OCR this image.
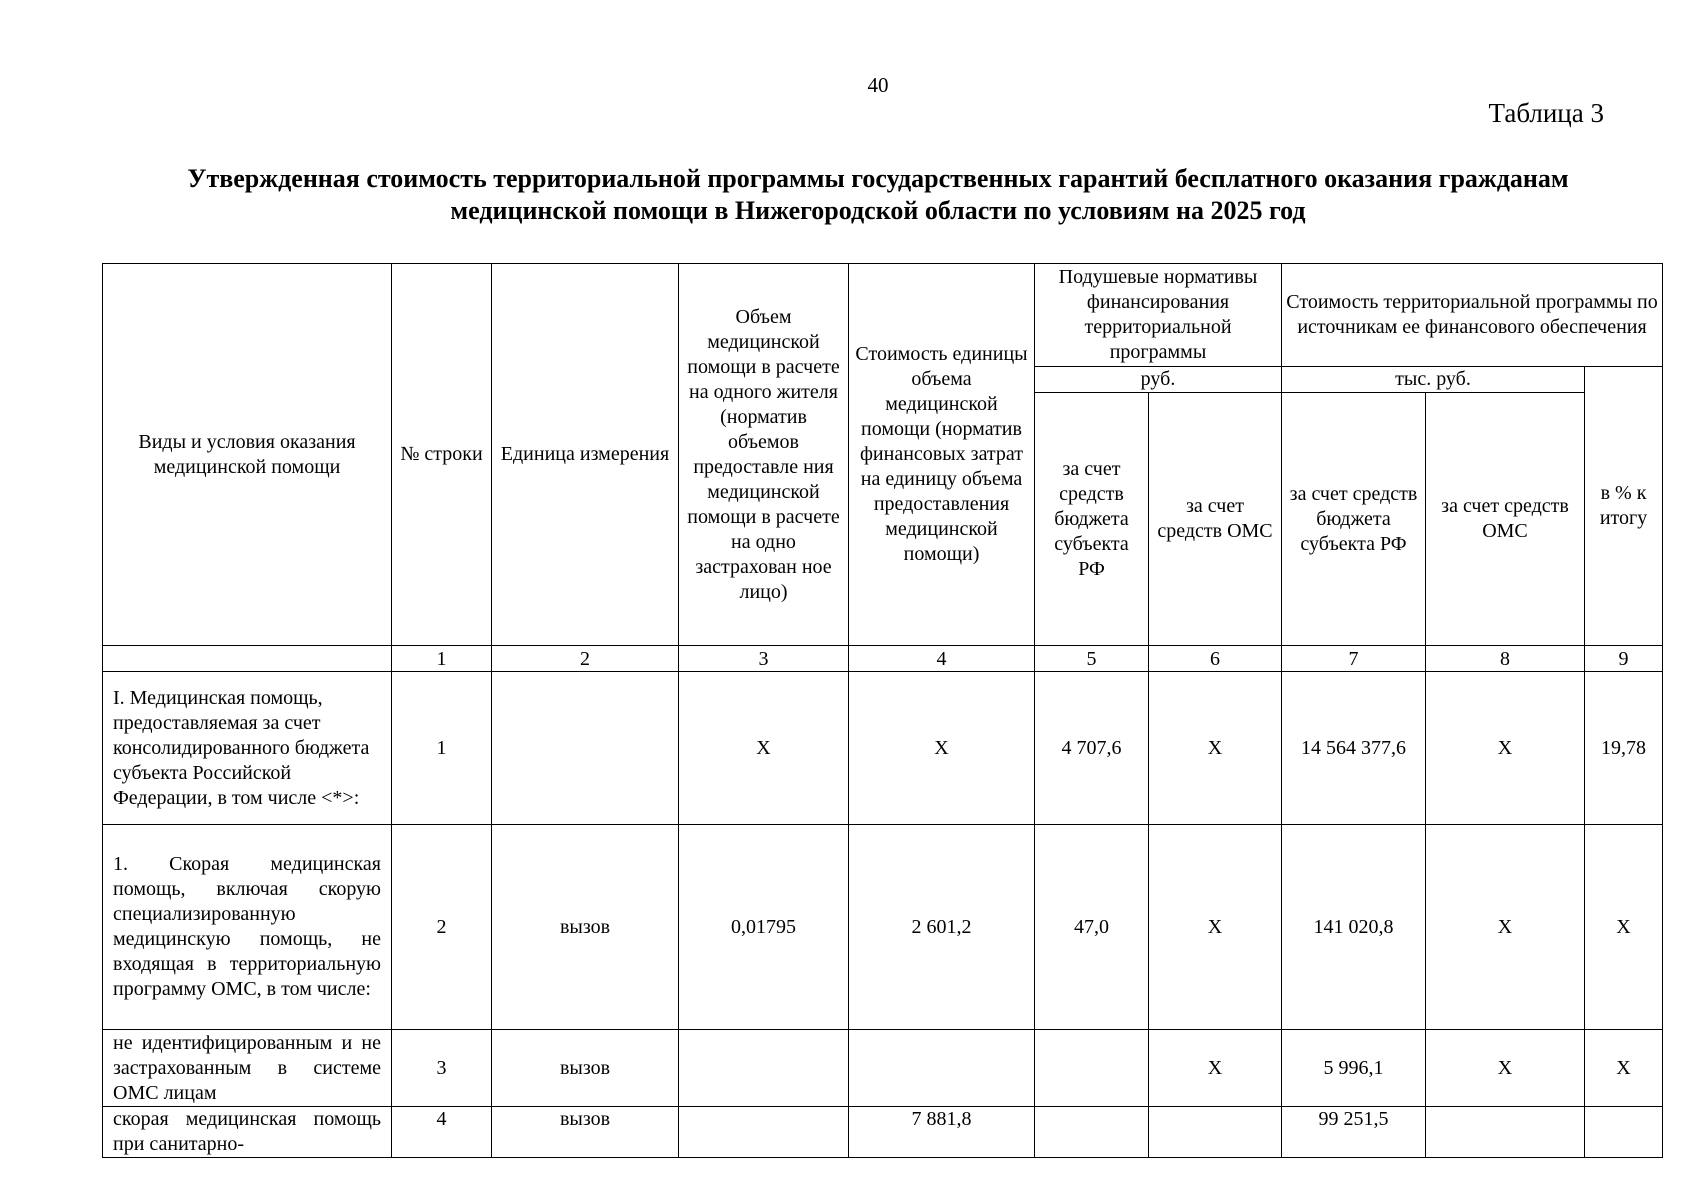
40
Таблица 3
Утвержденная стоимость территориальной программы государственных гарантий бесплатного оказания гражданам
медицинской помощи в Нижегородской области по условиям на 2025 год
Виды и условия оказания медицинской помощи	№ строки	Единица измерения	Объем медицинской помощи в расчете на одного жителя (норматив объемов предоставле ния медицинской помощи в расчете на одно застрахован ное лицо)	Стоимость единицы объема медицинской помощи (норматив финансовых затрат на единицу объема предоставления медицинской помощи)	Подушевые нормативы финансирования территориальной программы		Стоимость территориальной программы по источникам ее финансового обеспечения		
					руб.		тыс. руб.		в % к итогу
					за счет средств бюджета субъекта РФ	за счет средств ОМС	за счет средств бюджета субъекта РФ	за счет средств ОМС	
	1	2	3	4	5	6	7	8	9
I. Медицинская помощь, предоставляемая за счет консолидированного бюджета субъекта Российской Федерации, в том числе <*>:	1		X	X	4 707,6	X	14 564 377,6	X	19,78
1. Скорая медицинская помощь, включая скорую специализированную медицинскую помощь, не входящая в территориальную программу ОМС, в том числе:	2	вызов	0,01795	2 601,2	47,0	X	141 020,8	X	X
не идентифицированным и не застрахованным в системе ОМС лицам	3	вызов				X	5 996,1	X	X
скорая медицинская помощь при санитарно-	4	вызов		7 881,8			99 251,5		
